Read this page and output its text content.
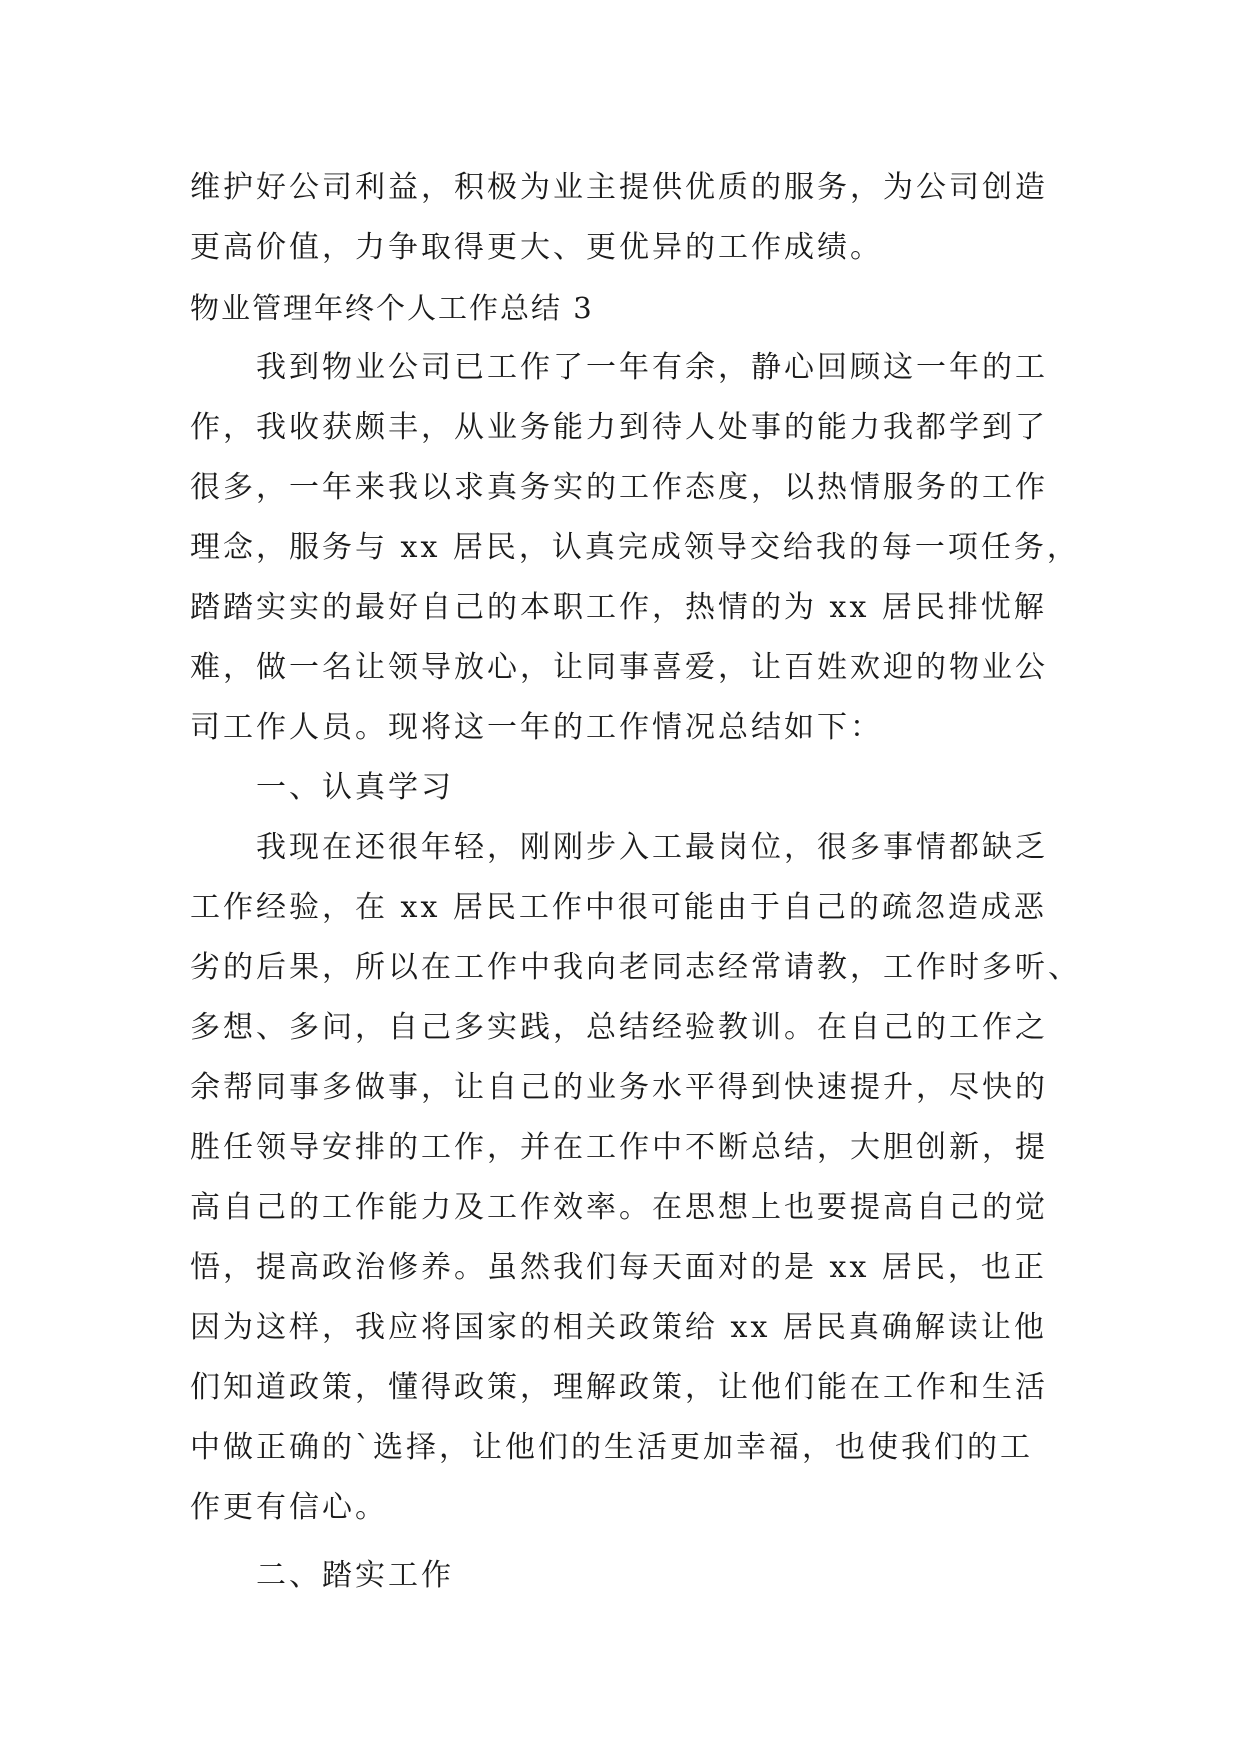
维护好公司利益，积极为业主提供优质的服务，为公司创造

更高价值，力争取得更大、更优异的工作成绩。

物业管理年终个人工作总结 3

我到物业公司已工作了一年有余，静心回顾这一年的工

作，我收获颇丰，从业务能力到待人处事的能力我都学到了

很多，一年来我以求真务实的工作态度，以热情服务的工作

理念，服务与 xx 居民，认真完成领导交给我的每一项任务，

踏踏实实的最好自己的本职工作，热情的为 xx 居民排忧解

难，做一名让领导放心，让同事喜爱，让百姓欢迎的物业公

司工作人员。现将这一年的工作情况总结如下：

一、认真学习

我现在还很年轻，刚刚步入工最岗位，很多事情都缺乏

工作经验，在 xx 居民工作中很可能由于自己的疏忽造成恶

劣的后果，所以在工作中我向老同志经常请教，工作时多听、

多想、多问，自己多实践，总结经验教训。在自己的工作之

余帮同事多做事，让自己的业务水平得到快速提升，尽快的

胜任领导安排的工作，并在工作中不断总结，大胆创新，提

高自己的工作能力及工作效率。在思想上也要提高自己的觉

悟，提高政治修养。虽然我们每天面对的是 xx 居民，也正

因为这样，我应将国家的相关政策给 xx 居民真确解读让他

们知道政策，懂得政策，理解政策，让他们能在工作和生活

中做正确的`选择，让他们的生活更加幸福，也使我们的工

作更有信心。

二、踏实工作
